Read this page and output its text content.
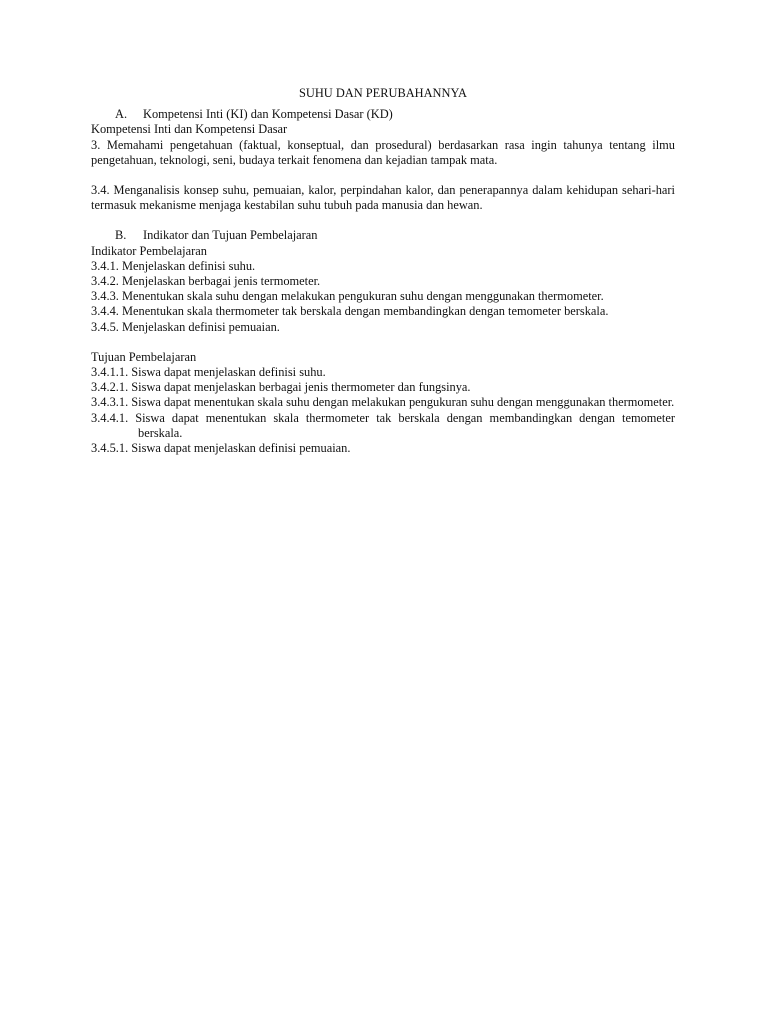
SUHU DAN PERUBAHANNYA

A.	Kompetensi Inti (KI) dan Kompetensi Dasar (KD)

Kompetensi Inti dan Kompetensi Dasar

3. Memahami pengetahuan (faktual, konseptual, dan prosedural) berdasarkan rasa ingin tahunya tentang ilmu pengetahuan, teknologi, seni, budaya terkait fenomena dan kejadian tampak mata.

3.4. Menganalisis konsep suhu, pemuaian, kalor, perpindahan kalor, dan penerapannya dalam kehidupan sehari-hari termasuk mekanisme menjaga kestabilan suhu tubuh pada manusia dan hewan.

B.	Indikator dan Tujuan Pembelajaran

Indikator Pembelajaran

3.4.1. Menjelaskan definisi suhu.

3.4.2. Menjelaskan berbagai jenis termometer.

3.4.3. Menentukan skala suhu dengan melakukan pengukuran suhu dengan menggunakan thermometer.

3.4.4. Menentukan skala thermometer tak berskala dengan membandingkan dengan temometer berskala.

3.4.5. Menjelaskan definisi pemuaian.

Tujuan Pembelajaran

3.4.1.1. Siswa dapat menjelaskan definisi suhu.

3.4.2.1. Siswa dapat menjelaskan berbagai jenis thermometer dan fungsinya.

3.4.3.1. Siswa dapat menentukan skala suhu dengan melakukan pengukuran suhu dengan menggunakan thermometer.

3.4.4.1. Siswa dapat menentukan skala thermometer tak berskala dengan membandingkan dengan temometer berskala.

3.4.5.1. Siswa dapat menjelaskan definisi pemuaian.
